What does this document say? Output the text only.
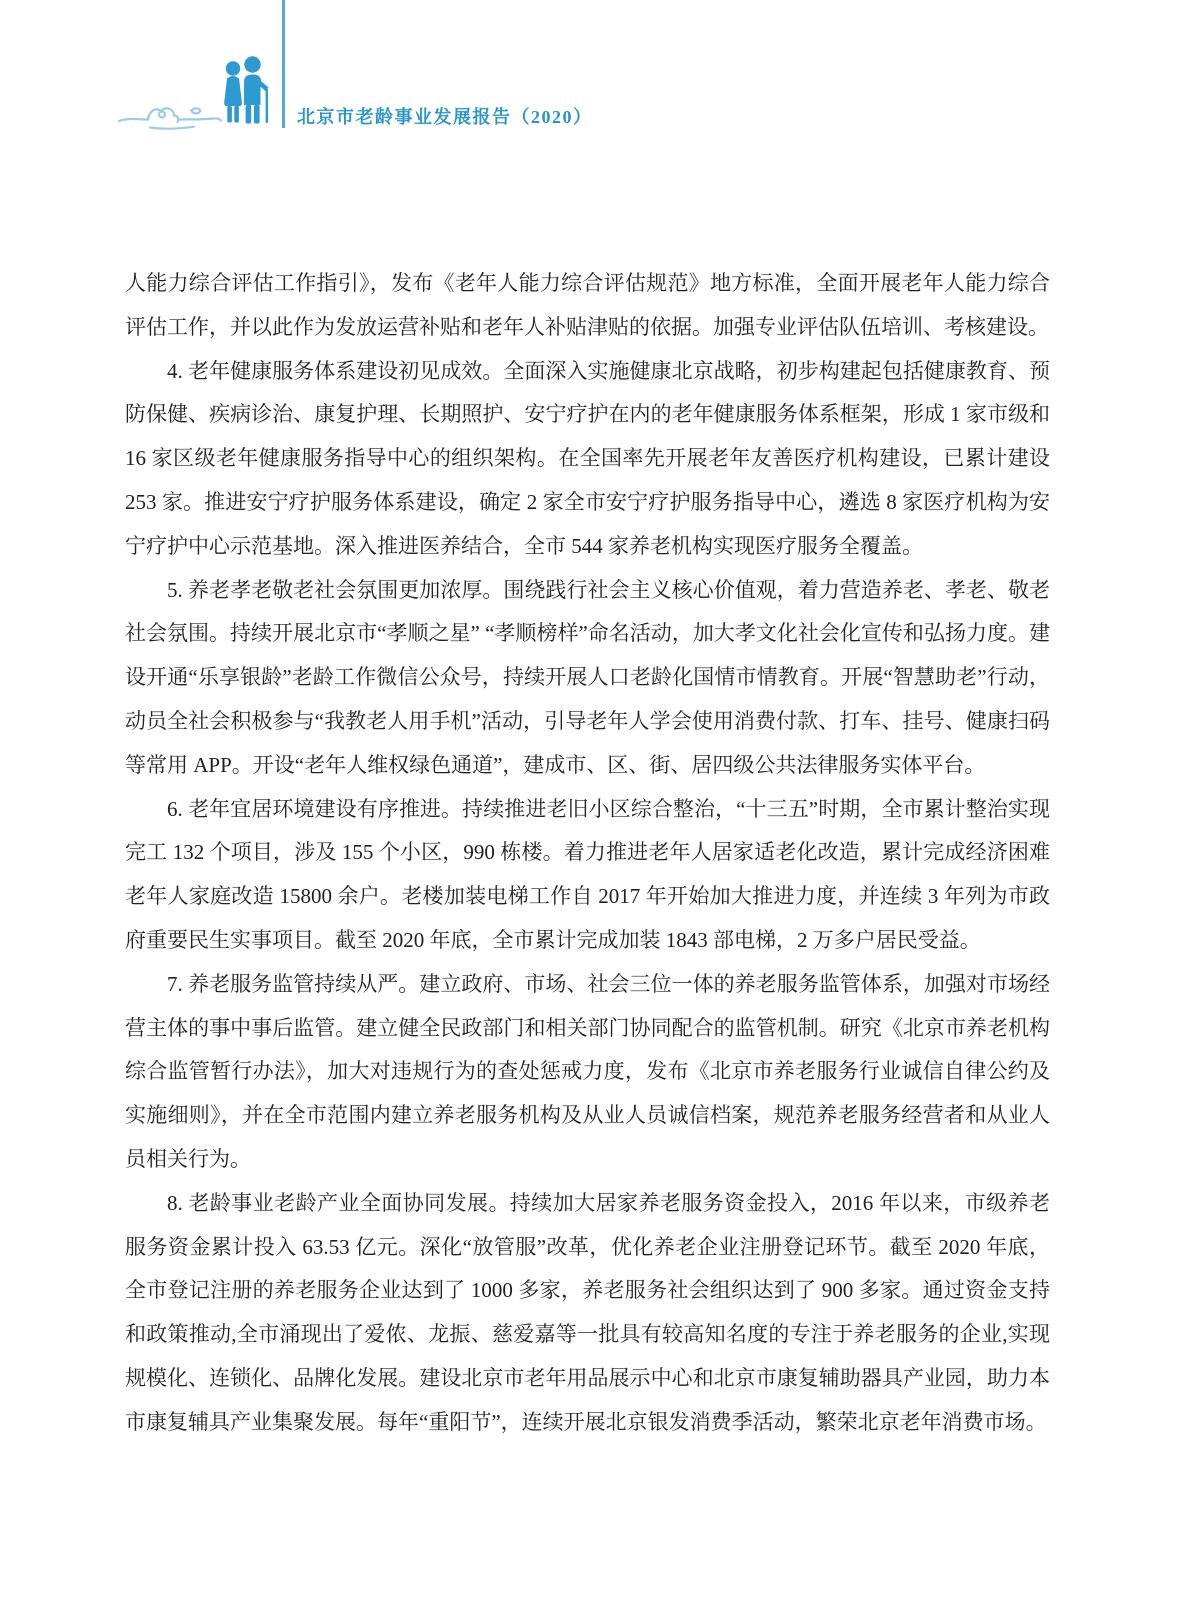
北京市老龄事业发展报告（2020）

人能力综合评估工作指引》，发布《老年人能力综合评估规范》地方标准，全面开展老年人能力综合评估工作，并以此作为发放运营补贴和老年人补贴津贴的依据。加强专业评估队伍培训、考核建设。

4. 老年健康服务体系建设初见成效。全面深入实施健康北京战略，初步构建起包括健康教育、预防保健、疾病诊治、康复护理、长期照护、安宁疗护在内的老年健康服务体系框架，形成 1 家市级和 16 家区级老年健康服务指导中心的组织架构。在全国率先开展老年友善医疗机构建设，已累计建设 253 家。推进安宁疗护服务体系建设，确定 2 家全市安宁疗护服务指导中心，遴选 8 家医疗机构为安宁疗护中心示范基地。深入推进医养结合，全市 544 家养老机构实现医疗服务全覆盖。

5. 养老孝老敬老社会氛围更加浓厚。围绕践行社会主义核心价值观，着力营造养老、孝老、敬老社会氛围。持续开展北京市“孝顺之星” “孝顺榜样”命名活动，加大孝文化社会化宣传和弘扬力度。建设开通“乐享银龄”老龄工作微信公众号，持续开展人口老龄化国情市情教育。开展“智慧助老”行动，动员全社会积极参与“我教老人用手机”活动，引导老年人学会使用消费付款、打车、挂号、健康扫码等常用 APP。开设“老年人维权绿色通道”，建成市、区、街、居四级公共法律服务实体平台。

6. 老年宜居环境建设有序推进。持续推进老旧小区综合整治，“十三五”时期，全市累计整治实现完工 132 个项目，涉及 155 个小区，990 栋楼。着力推进老年人居家适老化改造，累计完成经济困难老年人家庭改造 15800 余户。老楼加装电梯工作自 2017 年开始加大推进力度，并连续 3 年列为市政府重要民生实事项目。截至 2020 年底，全市累计完成加装 1843 部电梯，2 万多户居民受益。

7. 养老服务监管持续从严。建立政府、市场、社会三位一体的养老服务监管体系，加强对市场经营主体的事中事后监管。建立健全民政部门和相关部门协同配合的监管机制。研究《北京市养老机构综合监管暂行办法》，加大对违规行为的查处惩戒力度，发布《北京市养老服务行业诚信自律公约及实施细则》，并在全市范围内建立养老服务机构及从业人员诚信档案，规范养老服务经营者和从业人员相关行为。

8. 老龄事业老龄产业全面协同发展。持续加大居家养老服务资金投入，2016 年以来，市级养老服务资金累计投入 63.53 亿元。深化“放管服”改革，优化养老企业注册登记环节。截至 2020 年底，全市登记注册的养老服务企业达到了 1000 多家，养老服务社会组织达到了 900 多家。通过资金支持和政策推动,全市涌现出了爱侬、龙振、慈爱嘉等一批具有较高知名度的专注于养老服务的企业,实现规模化、连锁化、品牌化发展。建设北京市老年用品展示中心和北京市康复辅助器具产业园，助力本市康复辅具产业集聚发展。每年“重阳节”，连续开展北京银发消费季活动，繁荣北京老年消费市场。
